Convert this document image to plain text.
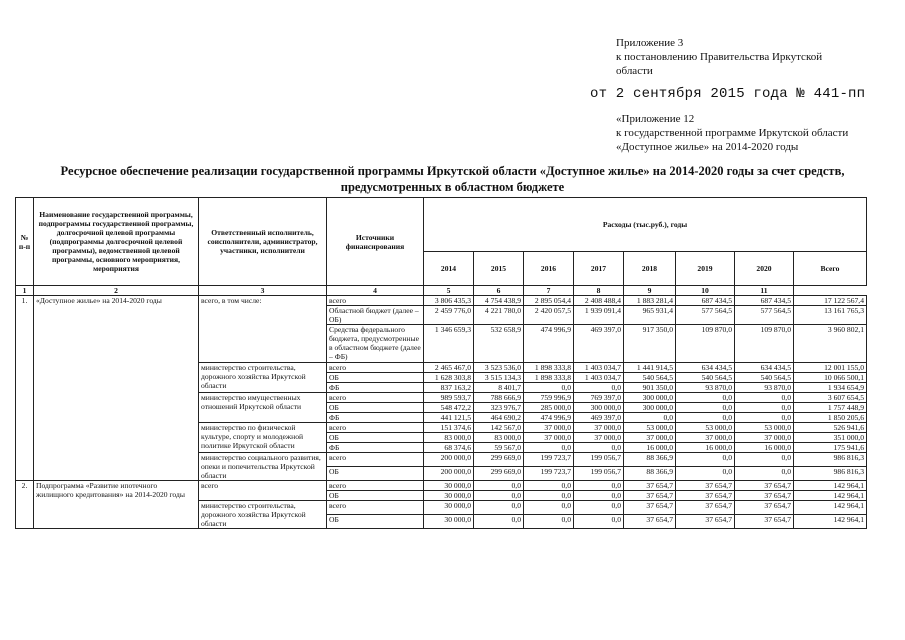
Приложение 3
к постановлению Правительства Иркутской
области
от 2 сентября 2015 года № 441-пп
«Приложение 12
к государственной программе Иркутской области
«Доступное жилье» на 2014-2020 годы
Ресурсное обеспечение реализации государственной программы Иркутской области «Доступное жилье» на 2014-2020 годы за счет средств,
предусмотренных в областном бюджете
№ п-п	Наименование государственной программы, подпрограммы государственной программы, долгосрочной целевой программы (подпрограммы долгосрочной целевой программы), ведомственной целевой программы, основного мероприятия, мероприятия	Ответственный исполнитель, соисполнители, администратор, участники, исполнители	Источники финансирования	Расходы (тыс.руб.), годы							
				2014	2015	2016	2017	2018	2019	2020	Всего
1	2	3	4	5	6	7	8	9	10	11	
1.	«Доступное жилье» на 2014-2020 годы	всего, в том числе:	всего	3 806 435,3	4 754 438,9	2 895 054,4	2 408 488,4	1 883 281,4	687 434,5	687 434,5	17 122 567,4
			Областной бюджет (далее – ОБ)	2 459 776,0	4 221 780,0	2 420 057,5	1 939 091,4	965 931,4	577 564,5	577 564,5	13 161 765,3
			Средства федерального бюджета, предусмотренные в областном бюджете (далее – ФБ)	1 346 659,3	532 658,9	474 996,9	469 397,0	917 350,0	109 870,0	109 870,0	3 960 802,1
		министерство строительства, дорожного хозяйства Иркутской области	всего	2 465 467,0	3 523 536,0	1 898 333,8	1 403 034,7	1 441 914,5	634 434,5	634 434,5	12 001 155,0
			ОБ	1 628 303,8	3 515 134,3	1 898 333,8	1 403 034,7	540 564,5	540 564,5	540 564,5	10 066 500,1
			ФБ	837 163,2	8 401,7	0,0	0,0	901 350,0	93 870,0	93 870,0	1 934 654,9
		министерство имущественных отношений Иркутской области	всего	989 593,7	788 666,9	759 996,9	769 397,0	300 000,0	0,0	0,0	3 607 654,5
			ОБ	548 472,2	323 976,7	285 000,0	300 000,0	300 000,0	0,0	0,0	1 757 448,9
			ФБ	441 121,5	464 690,2	474 996,9	469 397,0	0,0	0,0	0,0	1 850 205,6
		министерство по физической культуре, спорту и молодежной политике Иркутской области	всего	151 374,6	142 567,0	37 000,0	37 000,0	53 000,0	53 000,0	53 000,0	526 941,6
			ОБ	83 000,0	83 000,0	37 000,0	37 000,0	37 000,0	37 000,0	37 000,0	351 000,0
			ФБ	68 374,6	59 567,0	0,0	0,0	16 000,0	16 000,0	16 000,0	175 941,6
		министерство социального развития, опеки и попечительства Иркутской области	всего	200 000,0	299 669,0	199 723,7	199 056,7	88 366,9	0,0	0,0	986 816,3
			ОБ	200 000,0	299 669,0	199 723,7	199 056,7	88 366,9	0,0	0,0	986 816,3
2.	Подпрограмма «Развитие ипотечного жилищного кредитования» на 2014-2020 годы	всего	всего	30 000,0	0,0	0,0	0,0	37 654,7	37 654,7	37 654,7	142 964,1
			ОБ	30 000,0	0,0	0,0	0,0	37 654,7	37 654,7	37 654,7	142 964,1
		министерство строительства, дорожного хозяйства Иркутской области	всего	30 000,0	0,0	0,0	0,0	37 654,7	37 654,7	37 654,7	142 964,1
			ОБ	30 000,0	0,0	0,0	0,0	37 654,7	37 654,7	37 654,7	142 964,1
